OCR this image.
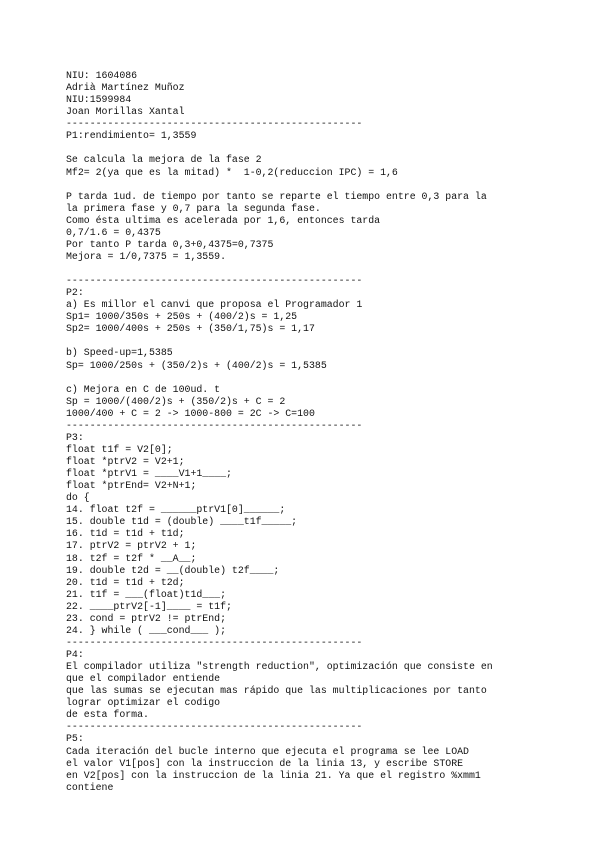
NIU: 1604086
Adrià Martínez Muñoz
NIU:1599984
Joan Morillas Xantal
--------------------------------------------------
P1:rendimiento= 1,3559
Se calcula la mejora de la fase 2
Mf2= 2(ya que es la mitad) *  1-0,2(reduccion IPC) = 1,6
P tarda 1ud. de tiempo por tanto se reparte el tiempo entre 0,3 para la
la primera fase y 0,7 para la segunda fase.
Como ésta ultima es acelerada por 1,6, entonces tarda
0,7/1.6 = 0,4375
Por tanto P tarda 0,3+0,4375=0,7375
Mejora = 1/0,7375 = 1,3559.
--------------------------------------------------
P2:
a) Es millor el canvi que proposa el Programador 1
Sp1= 1000/350s + 250s + (400/2)s = 1,25
Sp2= 1000/400s + 250s + (350/1,75)s = 1,17
b) Speed-up=1,5385
Sp= 1000/250s + (350/2)s + (400/2)s = 1,5385
c) Mejora en C de 100ud. t
Sp = 1000/(400/2)s + (350/2)s + C = 2
1000/400 + C = 2 -> 1000-800 = 2C -> C=100
--------------------------------------------------
P3:
float t1f = V2[0];
float *ptrV2 = V2+1;
float *ptrV1 = ____V1+1____;
float *ptrEnd= V2+N+1;
do {
14. float t2f = ______ptrV1[0]______;
15. double t1d = (double) ____t1f_____;
16. t1d = t1d + t1d;
17. ptrV2 = ptrV2 + 1;
18. t2f = t2f * __A__;
19. double t2d = __(double) t2f____;
20. t1d = t1d + t2d;
21. t1f = ___(float)t1d___;
22. ____ptrV2[-1]____ = t1f;
23. cond = ptrV2 != ptrEnd;
24. } while ( ___cond___ );
--------------------------------------------------
P4:
El compilador utiliza "strength reduction", optimización que consiste en
que el compilador entiende
que las sumas se ejecutan mas rápido que las multiplicaciones por tanto
lograr optimizar el codigo
de esta forma.
--------------------------------------------------
P5:
Cada iteración del bucle interno que ejecuta el programa se lee LOAD
el valor V1[pos] con la instruccion de la linia 13, y escribe STORE
en V2[pos] con la instruccion de la linia 21. Ya que el registro %xmm1
contiene
